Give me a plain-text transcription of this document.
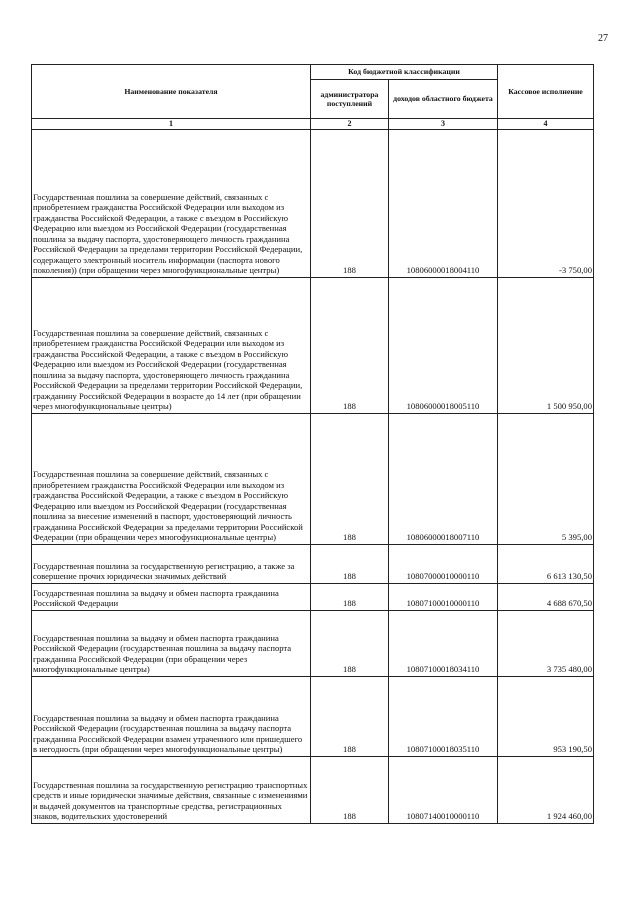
27
Наименование показателя	Код бюджетной классификации		Кассовое исполнение
	администратора поступлений	доходов областного бюджета	
1	2	3	4
Государственная пошлина за совершение действий, связанных с приобретением гражданства Российской Федерации или выходом из гражданства Российской Федерации, а также с въездом в Российскую Федерацию или выездом из Российской Федерации (государственная пошлина за выдачу паспорта, удостоверяющего личность гражданина Российской Федерации за пределами территории Российской Федерации, содержащего электронный носитель информации (паспорта нового поколения)) (при обращении через многофункциональные центры)	188	10806000018004110	-3 750,00
Государственная пошлина за совершение действий, связанных с приобретением гражданства Российской Федерации или выходом из гражданства Российской Федерации, а также с въездом в Российскую Федерацию или выездом из Российской Федерации (государственная пошлина за выдачу паспорта, удостоверяющего личность гражданина Российской Федерации за пределами территории Российской Федерации, гражданину Российской Федерации в возрасте до 14 лет (при обращении через многофункциональные центры)	188	10806000018005110	1 500 950,00
Государственная пошлина за совершение действий, связанных с приобретением гражданства Российской Федерации или выходом из гражданства Российской Федерации, а также с въездом в Российскую Федерацию или выездом из Российской Федерации (государственная пошлина за внесение изменений в паспорт, удостоверяющий личность гражданина Российской Федерации за пределами территории Российской Федерации (при обращении через многофункциональные центры)	188	10806000018007110	5 395,00
Государственная пошлина за государственную регистрацию, а также за совершение прочих юридически значимых действий	188	10807000010000110	6 613 130,50
Государственная пошлина за выдачу и обмен паспорта гражданина Российской Федерации	188	10807100010000110	4 688 670,50
Государственная пошлина за выдачу и обмен паспорта гражданина Российской Федерации (государственная пошлина за выдачу паспорта гражданина Российской Федерации (при обращении через многофункциональные центры)	188	10807100018034110	3 735 480,00
Государственная пошлина за выдачу и обмен паспорта гражданина Российской Федерации (государственная пошлина за выдачу паспорта гражданина Российской Федерации взамен утраченного или пришедшего в негодность (при обращении через многофункциональные центры)	188	10807100018035110	953 190,50
Государственная пошлина за государственную регистрацию транспортных средств и иные юридически значимые действия, связанные с изменениями и выдачей документов на транспортные средства, регистрационных знаков, водительских удостоверений	188	10807140010000110	1 924 460,00
